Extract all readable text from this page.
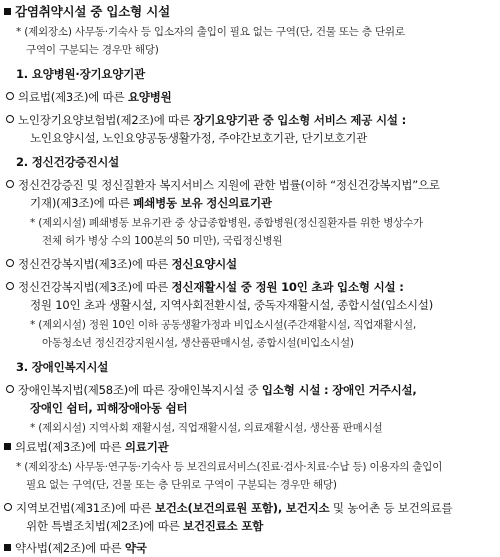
감염취약시설 중 입소형 시설
* (제외장소) 사무동·기숙사 등 입소자의 출입이 필요 없는 구역(단, 건물 또는 층 단위로
구역이 구분되는 경우만 해당)
1. 요양병원·장기요양기관
의료법(제3조)에 따른 요양병원
노인장기요양보험법(제2조)에 따른 장기요양기관 중 입소형 서비스 제공 시설 :
노인요양시설, 노인요양공동생활가정, 주야간보호기관, 단기보호기관
2. 정신건강증진시설
정신건강증진 및 정신질환자 복지서비스 지원에 관한 법률(이하 “정신건강복지법”으로
기재)(제3조)에 따른 폐쇄병동 보유 정신의료기관
* (제외시설) 폐쇄병동 보유기관 중 상급종합병원, 종합병원(정신질환자를 위한 병상수가
전체 허가 병상 수의 100분의 50 미만), 국립정신병원
정신건강복지법(제3조)에 따른 정신요양시설
정신건강복지법(제3조)에 따른 정신재활시설 중 정원 10인 초과 입소형 시설 :
정원 10인 초과 생활시설, 지역사회전환시설, 중독자재활시설, 종합시설(입소시설)
* (제외시설) 정원 10인 이하 공동생활가정과 비입소시설(주간재활시설, 직업재활시설,
아동청소년 정신건강지원시설, 생산품판매시설, 종합시설(비입소시설)
3. 장애인복지시설
장애인복지법(제58조)에 따른 장애인복지시설 중 입소형 시설 : 장애인 거주시설,
장애인 쉼터, 피해장애아동 쉼터
* (제외시설) 지역사회 재활시설, 직업재활시설, 의료재활시설, 생산품 판매시설
의료법(제3조)에 따른 의료기관
* (제외장소) 사무동·연구동·기숙사 등 보건의료서비스(진료·검사·치료·수납 등) 이용자의 출입이
필요 없는 구역(단, 건물 또는 층 단위로 구역이 구분되는 경우만 해당)
지역보건법(제31조)에 따른 보건소(보건의료원 포함), 보건지소 및 농어촌 등 보건의료를
위한 특별조치법(제2조)에 따른 보건진료소 포함
약사법(제2조)에 따른 약국
